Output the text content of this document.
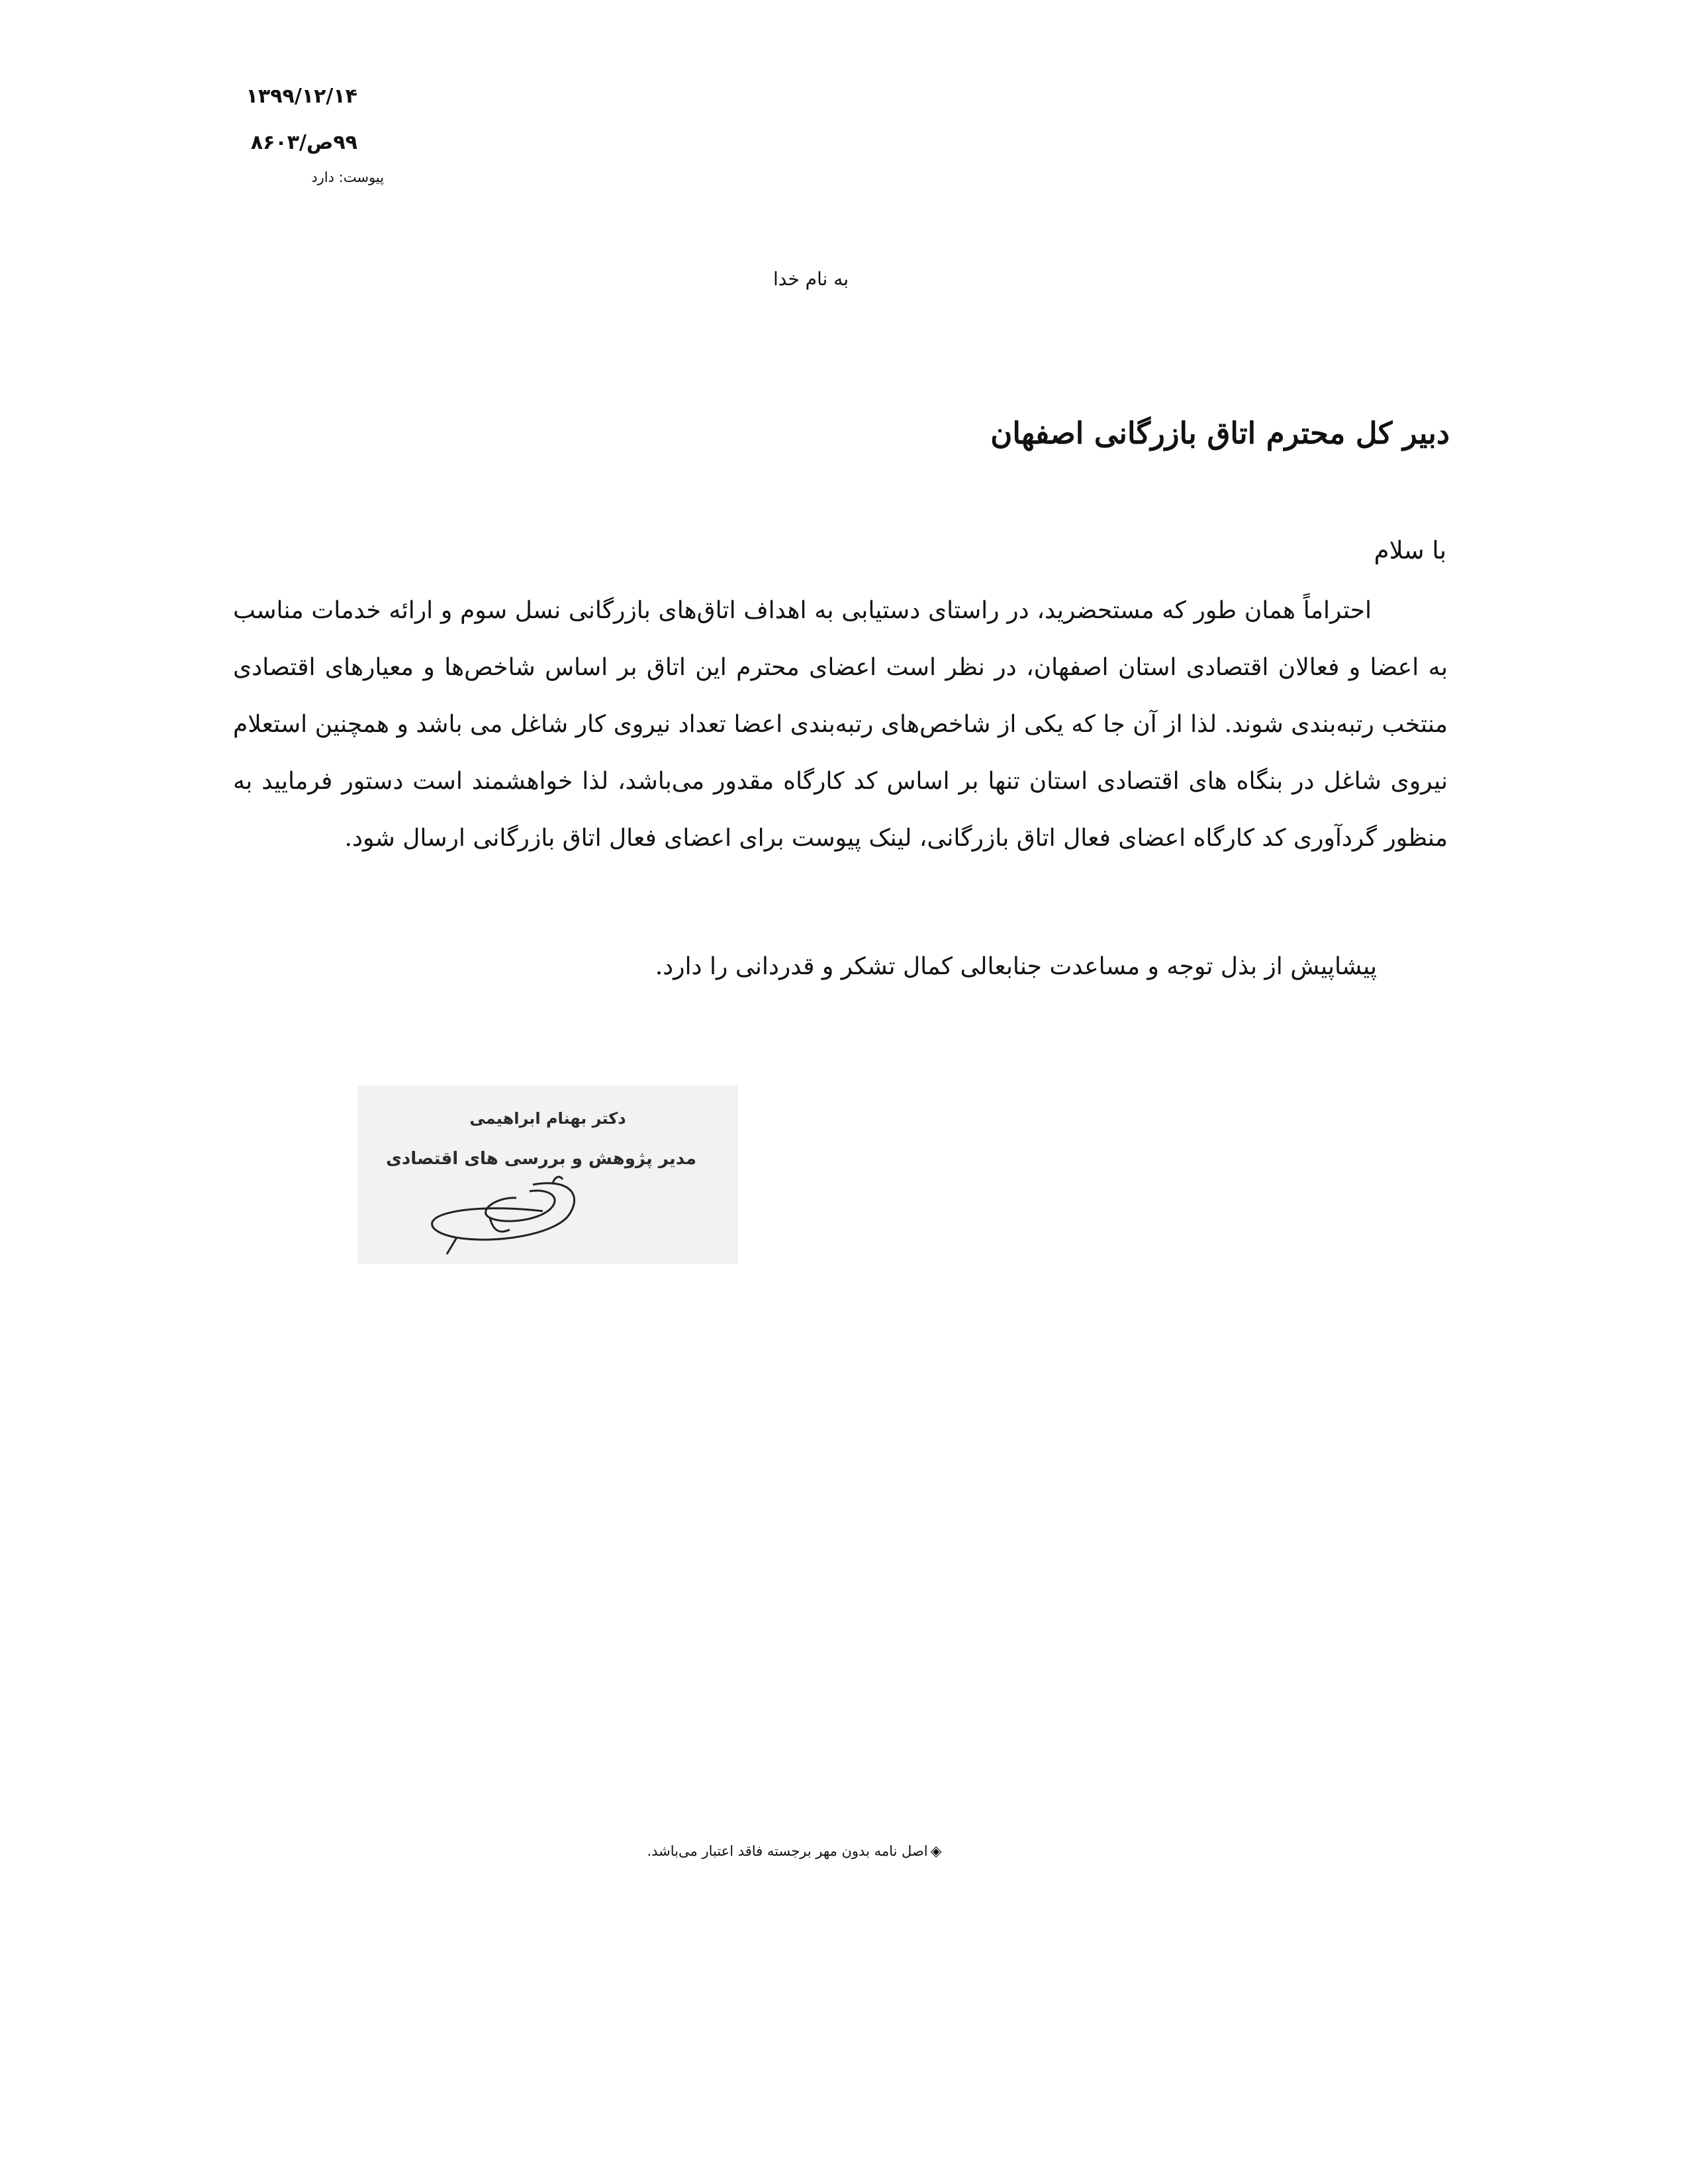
۱۳۹۹/۱۲/۱۴
۹۹ص/۸۶۰۳
پیوست: دارد
به نام خدا
دبیر کل محترم اتاق بازرگانی اصفهان
با سلام

احتراماً همان طور که مستحضرید، در راستای دستیابی به اهداف اتاق‌های بازرگانی نسل سوم و ارائه خدمات مناسب به اعضا و فعالان اقتصادی استان اصفهان، در نظر است اعضای محترم این اتاق بر اساس شاخص‌ها و معیارهای اقتصادی منتخب رتبه‌بندی شوند. لذا از آن جا که یکی از شاخص‌های رتبه‌بندی اعضا تعداد نیروی کار شاغل می باشد و همچنین استعلام نیروی شاغل در بنگاه های اقتصادی استان تنها بر اساس کد کارگاه مقدور می‌باشد، لذا خواهشمند است دستور فرمایید به منظور گردآوری کد کارگاه اعضای فعال اتاق بازرگانی، لینک پیوست برای اعضای فعال اتاق بازرگانی ارسال شود.

پیشاپیش از بذل توجه و مساعدت جنابعالی کمال تشکر و قدردانی را دارد.
دکتر بهنام ابراهیمی
مدیر پژوهش و بررسی های اقتصادی
◈اصل نامه بدون مهر برجسته فاقد اعتبار می‌باشد.
